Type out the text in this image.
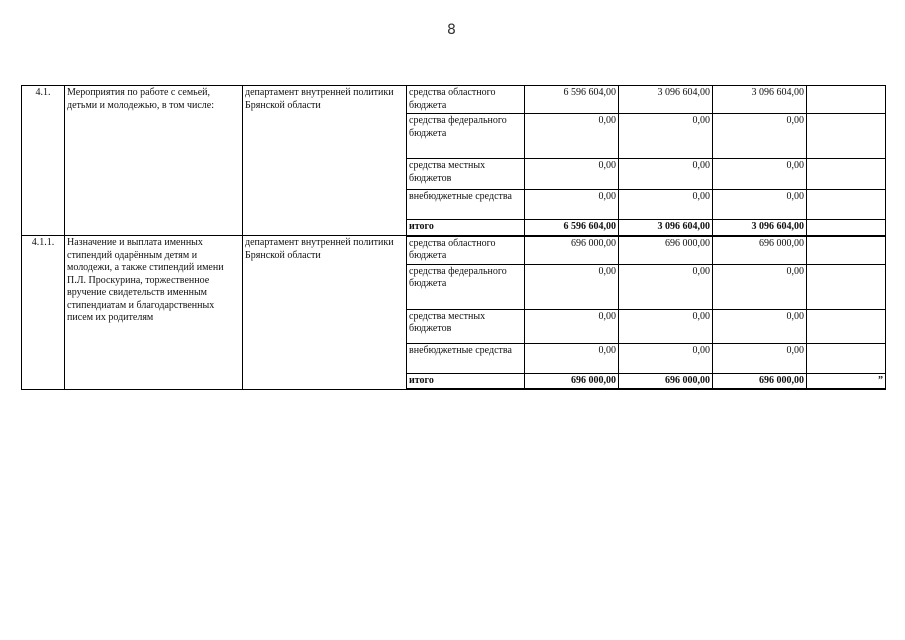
8
4.1.	Мероприятия по работе с семьей, детьми и молодежью, в том числе:	департамент внутренней политики Брянской области	средства областного бюджета	6 596 604,00	3 096 604,00	3 096 604,00	
			средства федерального бюджета	0,00	0,00	0,00	
			средства местных бюджетов	0,00	0,00	0,00	
			внебюджетные средства	0,00	0,00	0,00	
			итого	6 596 604,00	3 096 604,00	3 096 604,00	
4.1.1.	Назначение и выплата именных стипендий одарённым детям и молодежи, а также стипендий имени П.Л. Проскурина, торжественное вручение свидетельств именным стипендиатам и благодарственных писем их родителям	департамент внутренней политики Брянской области	средства областного бюджета	696 000,00	696 000,00	696 000,00	
			средства федерального бюджета	0,00	0,00	0,00	
			средства местных бюджетов	0,00	0,00	0,00	
			внебюджетные средства	0,00	0,00	0,00	
			итого	696 000,00	696 000,00	696 000,00	”
